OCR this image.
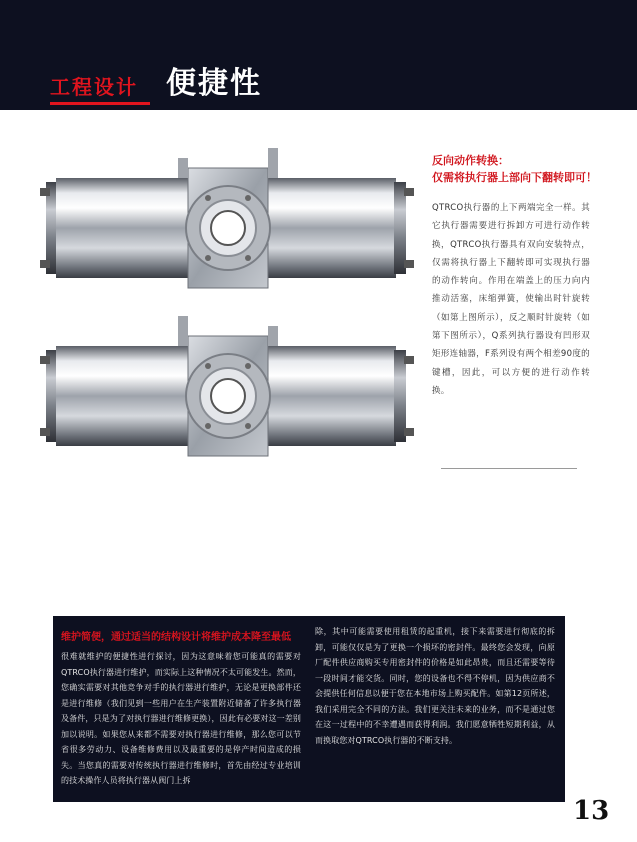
工程设计 便捷性
反向动作转换：
仅需将执行器上部向下翻转即可！
QTRCO执行器的上下两端完全一样。其它执行器需要进行拆卸方可进行动作转换，QTRCO执行器具有双向安装特点，仅需将执行器上下翻转即可实现执行器的动作转向。作用在端盖上的压力向内推动活塞，床缩弹簧，使输出时针旋转（如第上图所示），反之顺时针旋转（如第下图所示），Q系列执行器设有凹形双矩形连轴器，F系列设有两个相差90度的键槽，因此，可以方便的进行动作转换。
维护简便，通过适当的结构设计将维护成本降至最低
很难就维护的便捷性进行探讨，因为这意味着您可能真的需要对QTRCO执行器进行维护，而实际上这种情况不太可能发生。然而，您确实需要对其他竞争对手的执行器进行维护，无论是更换部件还是进行维修（我们见到一些用户在生产装置附近储备了许多执行器及备件，只是为了对执行器进行维修更换），因此有必要对这一差别加以说明。如果您从来都不需要对执行器进行维修，那么您可以节省很多劳动力、设备维修费用以及最重要的是停产时间造成的损失。当您真的需要对传统执行器进行维修时，首先由经过专业培训的技术操作人员将执行器从阀门上拆
除，其中可能需要使用租赁的起重机，接下来需要进行彻底的拆卸，可能仅仅是为了更换一个损坏的密封件。最终您会发现，向原厂配件供应商购买专用密封件的价格是如此昂贵，而且还需要等待一段时间才能交货。同时，您的设备也不得不停机，因为供应商不会提供任何信息以便于您在本地市场上购买配件。如第12页所述，我们采用完全不同的方法。我们更关注未来的业务，而不是通过您在这一过程中的不幸遭遇而获得利润。我们愿意牺牲短期利益，从而换取您对QTRCO执行器的不断支持。
13
